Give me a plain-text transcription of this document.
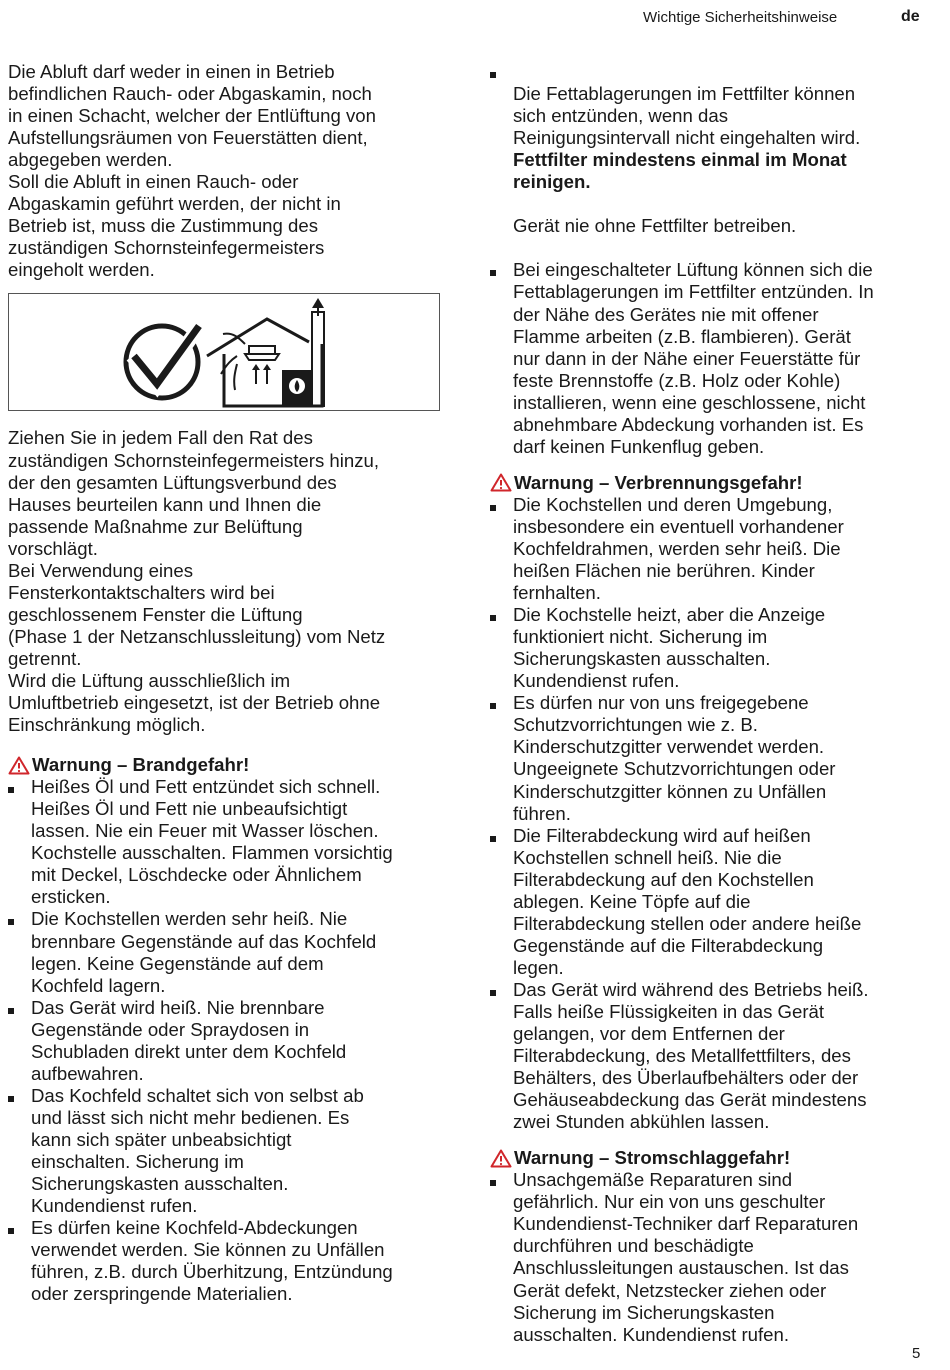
Wichtige Sicherheitshinweise	de

Die Abluft darf weder in einen in Betrieb
befindlichen Rauch- oder Abgaskamin, noch
in einen Schacht, welcher der Entlüftung von
Aufstellungsräumen von Feuerstätten dient,
abgegeben werden.

Soll die Abluft in einen Rauch- oder
Abgaskamin geführt werden, der nicht in
Betrieb ist, muss die Zustimmung des
zuständigen Schornsteinfegermeisters
eingeholt werden.

Ziehen Sie in jedem Fall den Rat des
zuständigen Schornsteinfegermeisters hinzu,
der den gesamten Lüftungsverbund des
Hauses beurteilen kann und Ihnen die
passende Maßnahme zur Belüftung
vorschlägt.

Bei Verwendung eines
Fensterkontaktschalters wird bei
geschlossenem Fenster die Lüftung
(Phase 1 der Netzanschlussleitung) vom Netz
getrennt.

Wird die Lüftung ausschließlich im
Umluftbetrieb eingesetzt, ist der Betrieb ohne
Einschränkung möglich.

Warnung – Brandgefahr!
Heißes Öl und Fett entzündet sich schnell.
Heißes Öl und Fett nie unbeaufsichtigt
lassen. Nie ein Feuer mit Wasser löschen.
Kochstelle ausschalten. Flammen vorsichtig
mit Deckel, Löschdecke oder Ähnlichem
ersticken.
Die Kochstellen werden sehr heiß. Nie
brennbare Gegenstände auf das Kochfeld
legen. Keine Gegenstände auf dem
Kochfeld lagern.
Das Gerät wird heiß. Nie brennbare
Gegenstände oder Spraydosen in
Schubladen direkt unter dem Kochfeld
aufbewahren.
Das Kochfeld schaltet sich von selbst ab
und lässt sich nicht mehr bedienen. Es
kann sich später unbeabsichtigt
einschalten. Sicherung im
Sicherungskasten ausschalten.
Kundendienst rufen.
Es dürfen keine Kochfeld-Abdeckungen
verwendet werden. Sie können zu Unfällen
führen, z.B. durch Überhitzung, Entzündung
oder zerspringende Materialien.

Die Fettablagerungen im Fettfilter können
sich entzünden, wenn das
Reinigungsintervall nicht eingehalten wird.

Fettfilter mindestens einmal im Monat
reinigen.

Gerät nie ohne Fettfilter betreiben.

Bei eingeschalteter Lüftung können sich die
Fettablagerungen im Fettfilter entzünden. In
der Nähe des Gerätes nie mit offener
Flamme arbeiten (z.B. flambieren). Gerät
nur dann in der Nähe einer Feuerstätte für
feste Brennstoffe (z.B. Holz oder Kohle)
installieren, wenn eine geschlossene, nicht
abnehmbare Abdeckung vorhanden ist. Es
darf keinen Funkenflug geben.
Warnung – Verbrennungsgefahr!
Die Kochstellen und deren Umgebung,
insbesondere ein eventuell vorhandener
Kochfeldrahmen, werden sehr heiß. Die
heißen Flächen nie berühren. Kinder
fernhalten.
Die Kochstelle heizt, aber die Anzeige
funktioniert nicht. Sicherung im
Sicherungskasten ausschalten.
Kundendienst rufen.
Es dürfen nur von uns freigegebene
Schutzvorrichtungen wie z. B.
Kinderschutzgitter verwendet werden.
Ungeeignete Schutzvorrichtungen oder
Kinderschutzgitter können zu Unfällen
führen.
Die Filterabdeckung wird auf heißen
Kochstellen schnell heiß. Nie die
Filterabdeckung auf den Kochstellen
ablegen. Keine Töpfe auf die
Filterabdeckung stellen oder andere heiße
Gegenstände auf die Filterabdeckung
legen.
Das Gerät wird während des Betriebs heiß.
Falls heiße Flüssigkeiten in das Gerät
gelangen, vor dem Entfernen der
Filterabdeckung, des Metallfettfilters, des
Behälters, des Überlaufbehälters oder der
Gehäuseabdeckung das Gerät mindestens
zwei Stunden abkühlen lassen.
Warnung – Stromschlaggefahr!
Unsachgemäße Reparaturen sind
gefährlich. Nur ein von uns geschulter
Kundendienst-Techniker darf Reparaturen
durchführen und beschädigte
Anschlussleitungen austauschen. Ist das
Gerät defekt, Netzstecker ziehen oder
Sicherung im Sicherungskasten
ausschalten. Kundendienst rufen.
5
